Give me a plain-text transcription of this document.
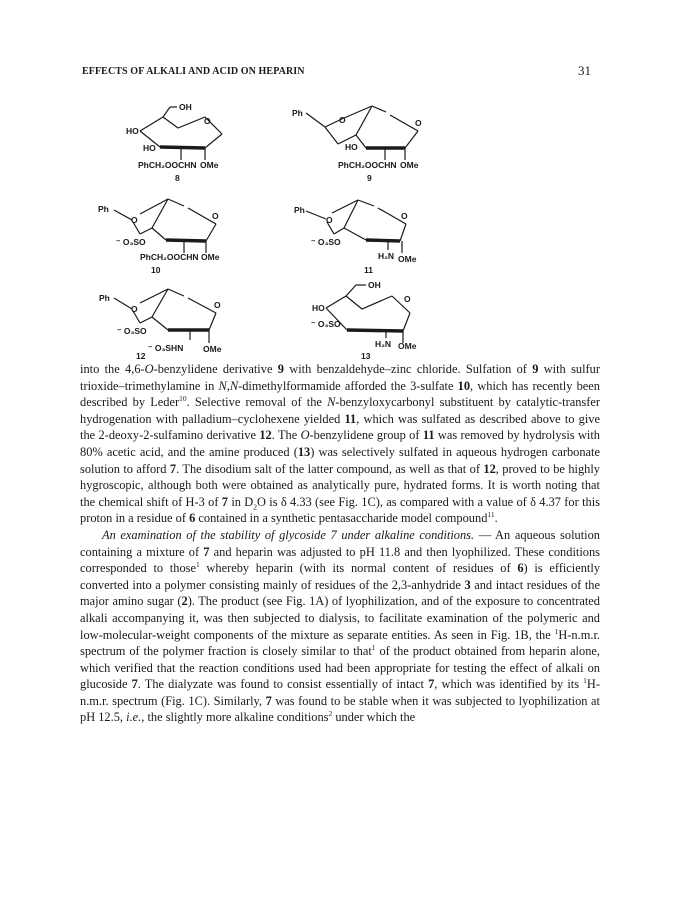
EFFECTS OF ALKALI AND ACID ON HEPARIN	31
OH
HO
HO
O
PhCH₂OOCHN OMe
8
Ph
O	O
HO
PhCH₂OOCHN OMe
9
Ph
O	O
⁻ O₃SO
PhCH₂OOCHN OMe
10
Ph
O	O
⁻ O₃SO
H₂N OMe
11
Ph
O	O
⁻ O₃SO
⁻ O₃SHN OMe
12
OH
HO
O
⁻ O₃SO
H₂N OMe
13

into the 4,6-O-benzylidene derivative 9 with benzaldehyde–zinc chloride. Sulfation of 9 with sulfur trioxide–trimethylamine in N,N-dimethylformamide afforded the 3-sulfate 10, which has recently been described by Leder$^{10}$. Selective removal of the N-benzyloxycarbonyl substituent by catalytic-transfer hydrogenation with palladium–cyclohexene yielded 11, which was sulfated as described above to give the 2-deoxy-2-sulfamino derivative 12. The O-benzylidene group of 11 was removed by hydrolysis with 80% acetic acid, and the amine produced (13) was selectively sulfated in aqueous hydrogen carbonate solution to afford 7. The disodium salt of the latter compound, as well as that of 12, proved to be highly hygroscopic, although both were obtained as analytically pure, hydrated forms. It is worth noting that the chemical shift of H-3 of 7 in $D_2O$ is δ 4.33 (see Fig. 1C), as compared with a value of δ 4.37 for this proton in a residue of 6 contained in a synthetic pentasaccharide model compound$^{11}$.

An examination of the stability of glycoside 7 under alkaline conditions. — An aqueous solution containing a mixture of 7 and heparin was adjusted to pH 11.8 and then lyophilized. These conditions corresponded to those$^1$ whereby heparin (with its normal content of residues of 6) is efficiently converted into a polymer consisting mainly of residues of the 2,3-anhydride 3 and intact residues of the major amino sugar (2). The product (see Fig. 1A) of lyophilization, and of the exposure to concentrated alkali accompanying it, was then subjected to dialysis, to facilitate examination of the polymeric and low-molecular-weight components of the mixture as separate entities. As seen in Fig. 1B, the $^1$H-n.m.r. spectrum of the polymer fraction is closely similar to that$^1$ of the product obtained from heparin alone, which verified that the reaction conditions used had been appropriate for testing the effect of alkali on glucoside 7. The dialyzate was found to consist essentially of intact 7, which was identified by its $^1$H-n.m.r. spectrum (Fig. 1C). Similarly, 7 was found to be stable when it was subjected to lyophilization at pH 12.5, i.e., the slightly more alkaline conditions$^2$ under which the
